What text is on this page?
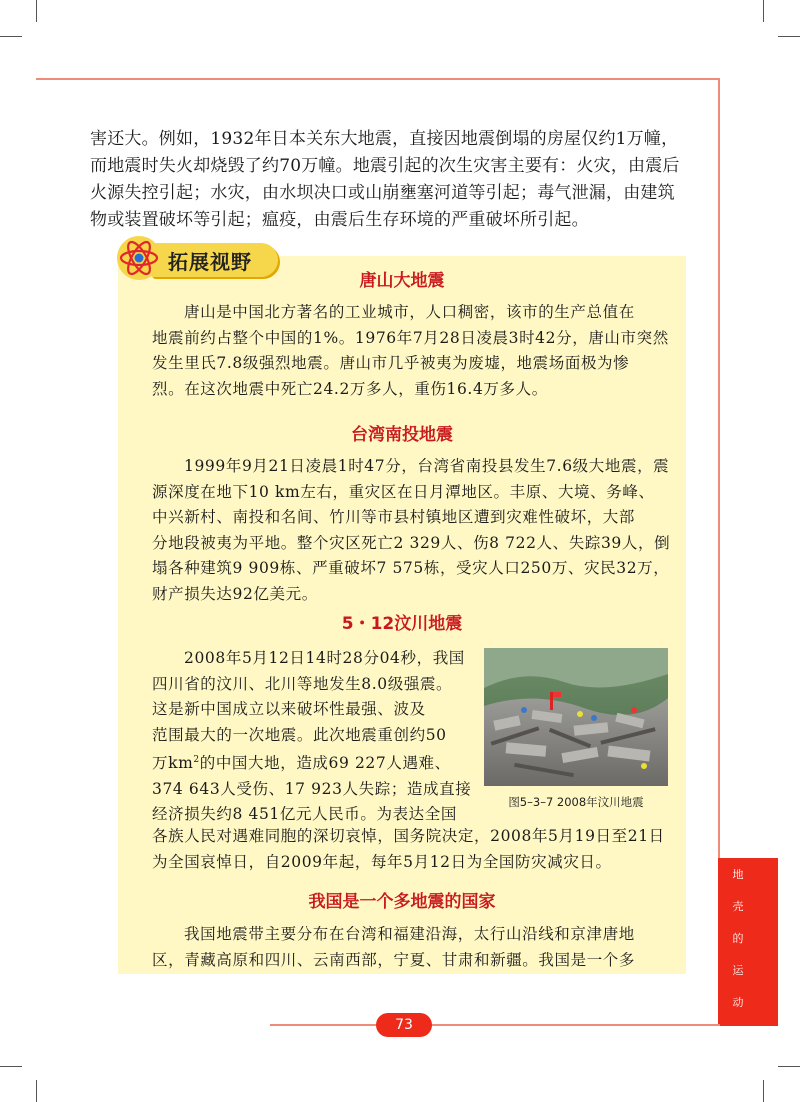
害还大。例如，1932年日本关东大地震，直接因地震倒塌的房屋仅约1万幢，

而地震时失火却烧毁了约70万幢。地震引起的次生灾害主要有：火灾，由震后

火源失控引起；水灾，由水坝决口或山崩壅塞河道等引起；毒气泄漏，由建筑

物或装置破坏等引起；瘟疫，由震后生存环境的严重破坏所引起。

拓展视野
唐山大地震

唐山是中国北方著名的工业城市，人口稠密，该市的生产总值在

地震前约占整个中国的1%。1976年7月28日凌晨3时42分，唐山市突然

发生里氏7.8级强烈地震。唐山市几乎被夷为废墟，地震场面极为惨

烈。在这次地震中死亡24.2万多人，重伤16.4万多人。

台湾南投地震

1999年9月21日凌晨1时47分，台湾省南投县发生7.6级大地震，震

源深度在地下10 km左右，重灾区在日月潭地区。丰原、大境、务峰、

中兴新村、南投和名间、竹川等市县村镇地区遭到灾难性破坏，大部

分地段被夷为平地。整个灾区死亡2 329人、伤8 722人、失踪39人，倒

塌各种建筑9 909栋、严重破坏7 575栋，受灾人口250万、灾民32万，

财产损失达92亿美元。

5・12汶川地震

2008年5月12日14时28分04秒，我国

四川省的汶川、北川等地发生8.0级强震。

这是新中国成立以来破坏性最强、波及

范围最大的一次地震。此次地震重创约50

万$km^2$的中国大地，造成69 227人遇难、

374 643人受伤、17 923人失踪；造成直接

经济损失约8 451亿元人民币。为表达全国

各族人民对遇难同胞的深切哀悼，国务院决定，2008年5月19日至21日

为全国哀悼日，自2009年起，每年5月12日为全国防灾减灾日。

图5–3–7 2008年汶川地震
我国是一个多地震的国家

我国地震带主要分布在台湾和福建沿海，太行山沿线和京津唐地

区，青藏高原和四川、云南西部，宁夏、甘肃和新疆。我国是一个多

地
壳
的
运
动
73
